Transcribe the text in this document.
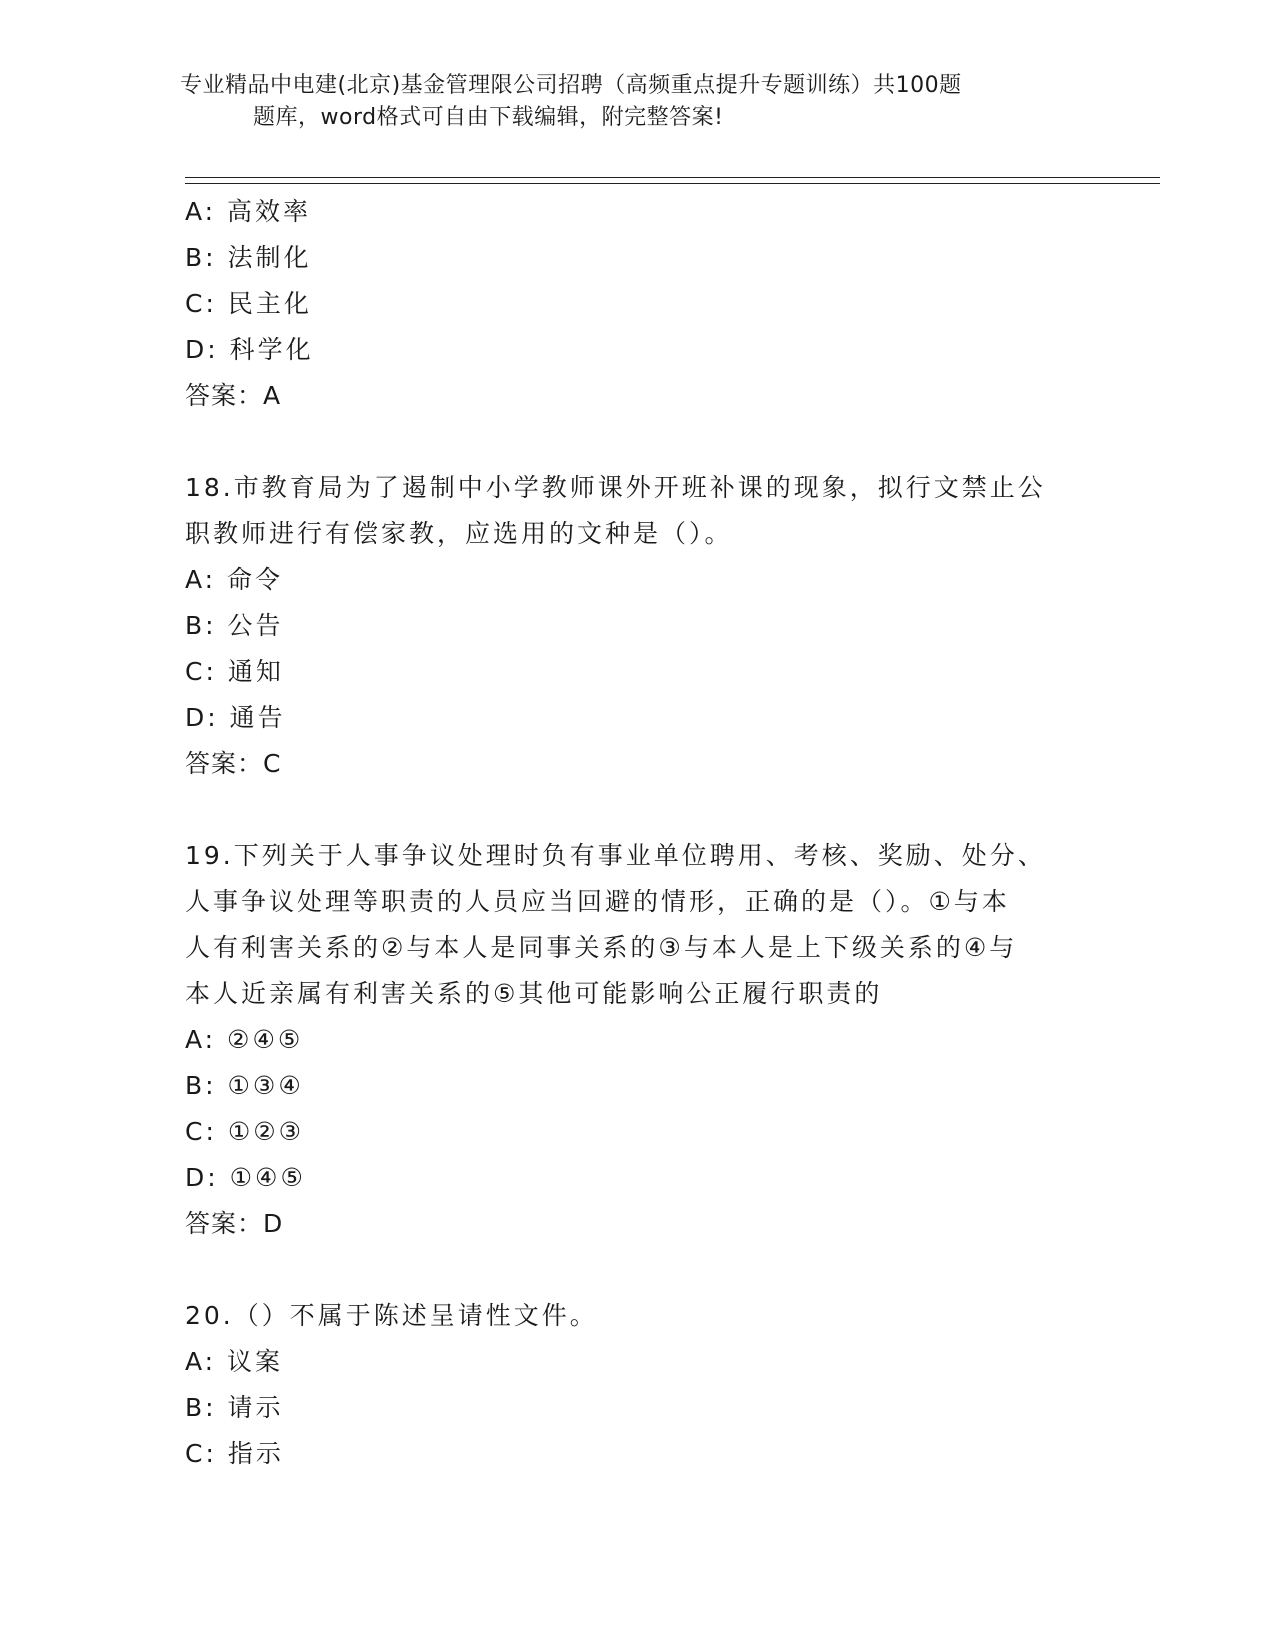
专业精品中电建(北京)基金管理限公司招聘（高频重点提升专题训练）共100题
题库，word格式可自由下载编辑，附完整答案!
A: 高效率
B: 法制化
C: 民主化
D: 科学化
答案：A
18.市教育局为了遏制中小学教师课外开班补课的现象，拟行文禁止公
职教师进行有偿家教，应选用的文种是（）。
A: 命令
B: 公告
C: 通知
D: 通告
答案：C
19.下列关于人事争议处理时负有事业单位聘用、考核、奖励、处分、
人事争议处理等职责的人员应当回避的情形，正确的是（）。①与本
人有利害关系的②与本人是同事关系的③与本人是上下级关系的④与
本人近亲属有利害关系的⑤其他可能影响公正履行职责的
A: ②④⑤
B: ①③④
C: ①②③
D: ①④⑤
答案：D
20.（）不属于陈述呈请性文件。
A: 议案
B: 请示
C: 指示
